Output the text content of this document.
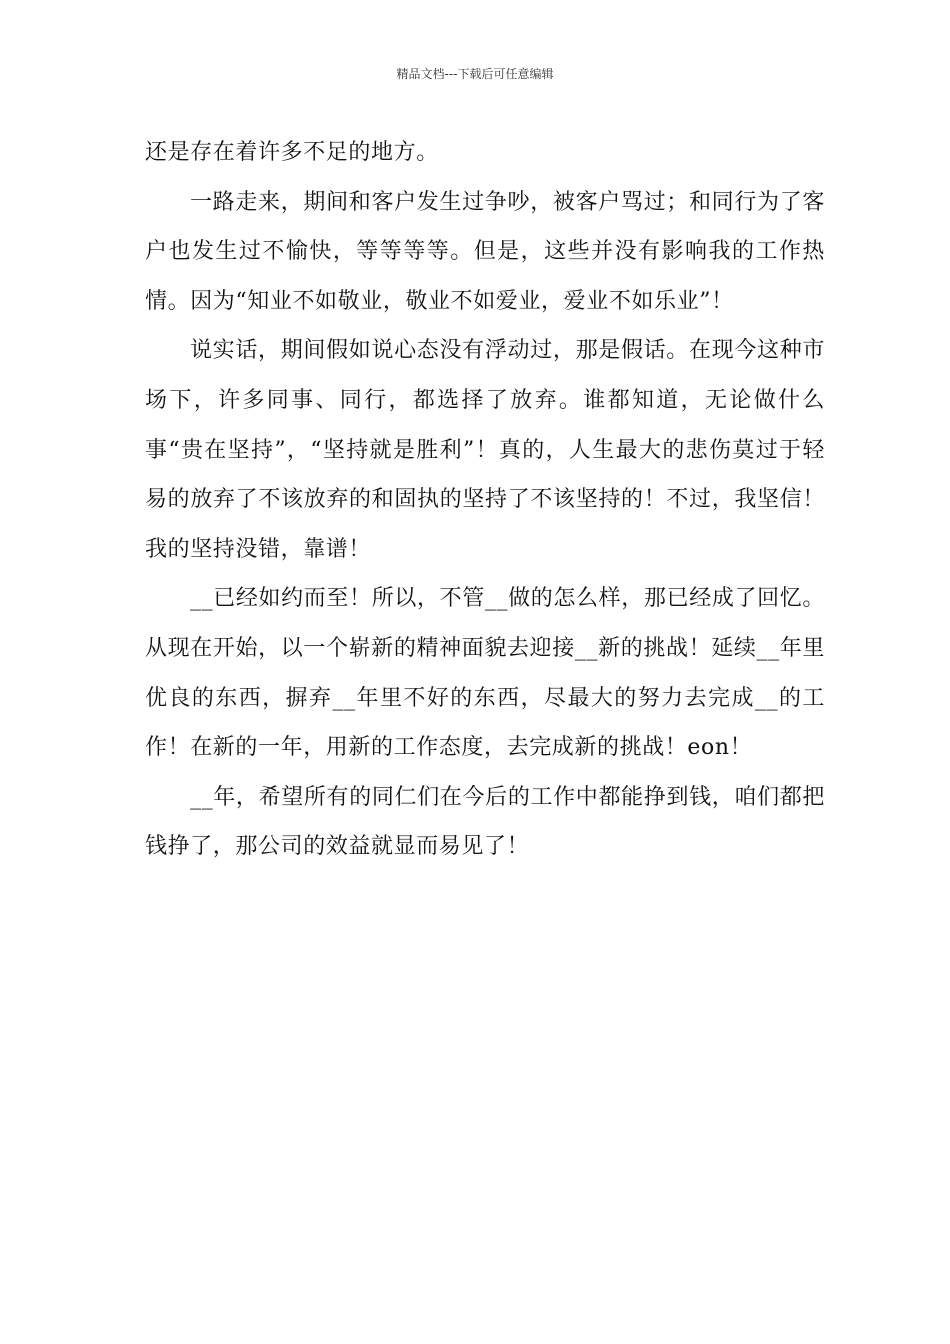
精品文档---下载后可任意编辑

还是存在着许多不足的地方。

一路走来，期间和客户发生过争吵，被客户骂过；和同行为了客户也发生过不愉快，等等等等。但是，这些并没有影响我的工作热情。因为“知业不如敬业，敬业不如爱业，爱业不如乐业”！

说实话，期间假如说心态没有浮动过，那是假话。在现今这种市场下，许多同事、同行，都选择了放弃。谁都知道，无论做什么事“贵在坚持”，“坚持就是胜利”！真的，人生最大的悲伤莫过于轻易的放弃了不该放弃的和固执的坚持了不该坚持的！不过，我坚信！我的坚持没错，靠谱！

__已经如约而至！所以，不管__做的怎么样，那已经成了回忆。从现在开始，以一个崭新的精神面貌去迎接__新的挑战！延续__年里优良的东西，摒弃__年里不好的东西，尽最大的努力去完成__的工作！在新的一年，用新的工作态度，去完成新的挑战！eon！

__年，希望所有的同仁们在今后的工作中都能挣到钱，咱们都把钱挣了，那公司的效益就显而易见了！
